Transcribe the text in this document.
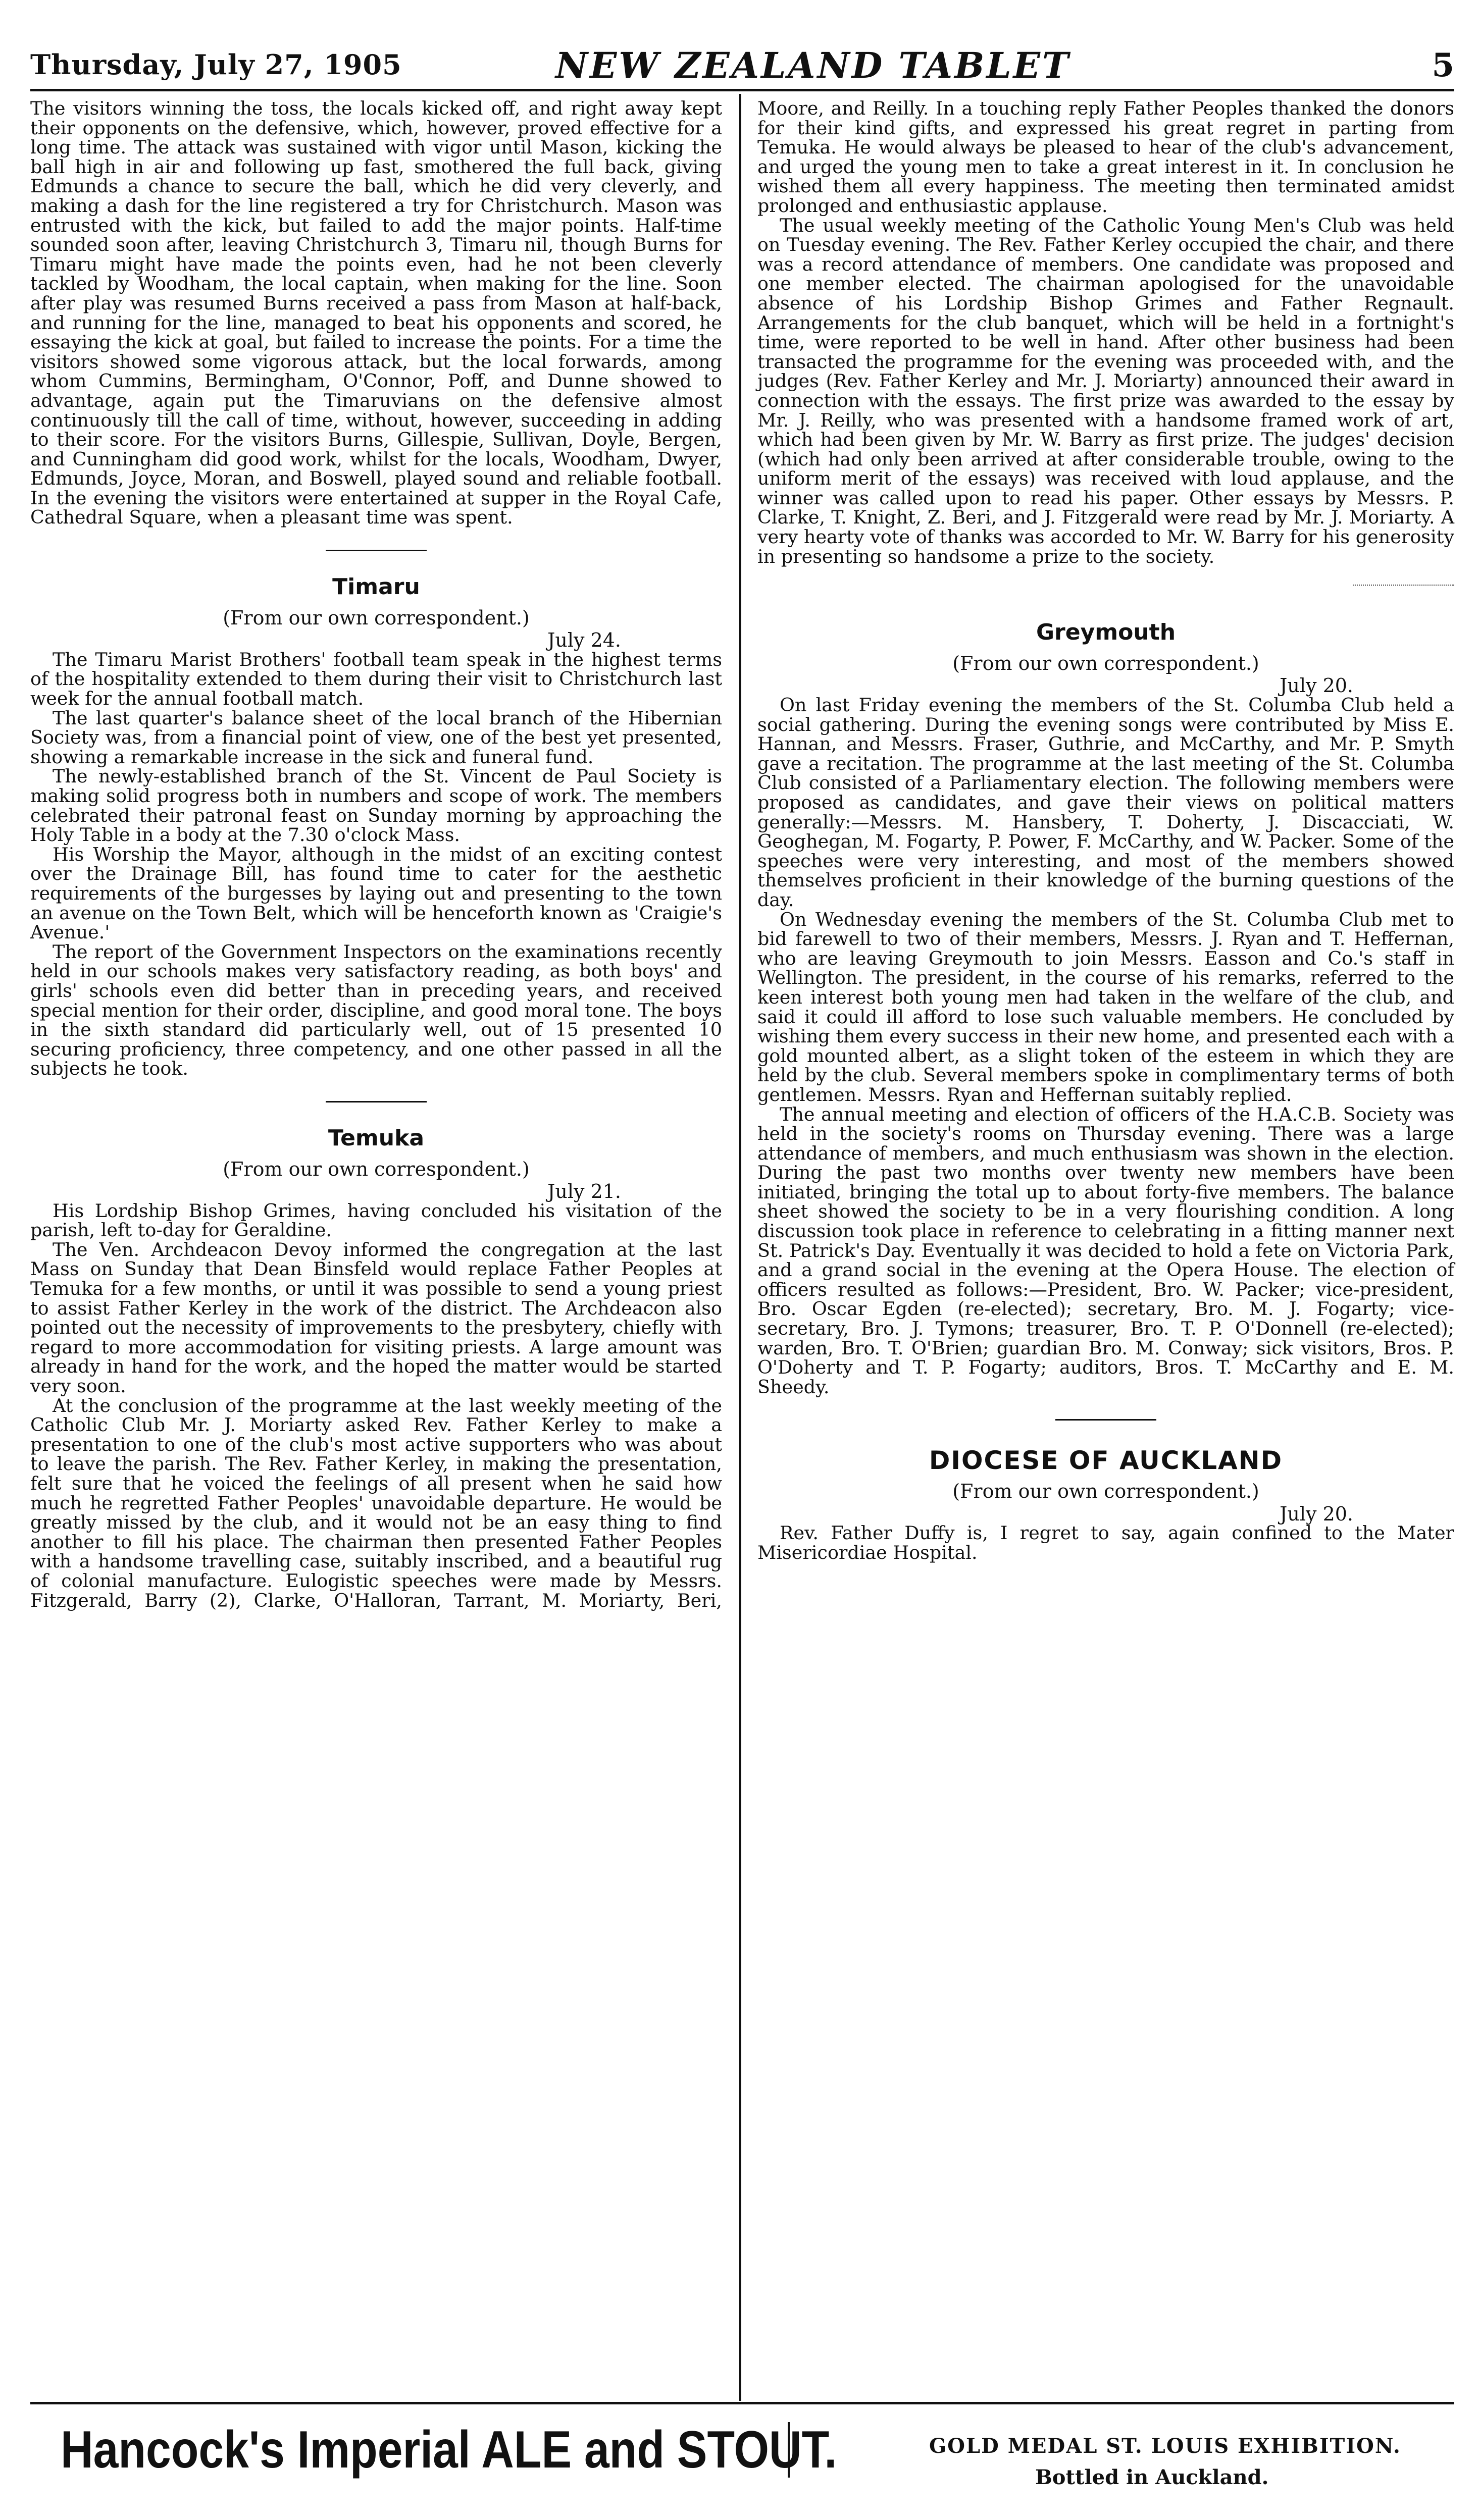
Thursday, July 27, 1905	NEW ZEALAND TABLET	5

The visitors winning the toss, the locals kicked off, and right away kept their opponents on the defensive, which, however, proved effective for a long time. The attack was sustained with vigor until Mason, kicking the ball high in air and following up fast, smothered the full back, giving Edmunds a chance to secure the ball, which he did very cleverly, and making a dash for the line registered a try for Christchurch. Mason was entrusted with the kick, but failed to add the major points. Half-time sounded soon after, leaving Christchurch 3, Timaru nil, though Burns for Timaru might have made the points even, had he not been cleverly tackled by Woodham, the local captain, when making for the line. Soon after play was resumed Burns received a pass from Mason at half-back, and running for the line, managed to beat his opponents and scored, he essaying the kick at goal, but failed to increase the points. For a time the visitors showed some vigorous attack, but the local forwards, among whom Cummins, Bermingham, O'Connor, Poff, and Dunne showed to advantage, again put the Timaruvians on the defensive almost continuously till the call of time, without, however, succeeding in adding to their score. For the visitors Burns, Gillespie, Sullivan, Doyle, Bergen, and Cunningham did good work, whilst for the locals, Woodham, Dwyer, Edmunds, Joyce, Moran, and Boswell, played sound and reliable football. In the evening the visitors were entertained at supper in the Royal Cafe, Cathedral Square, when a pleasant time was spent.

Timaru
(From our own correspondent.)
July 24.

The Timaru Marist Brothers' football team speak in the highest terms of the hospitality extended to them during their visit to Christchurch last week for the annual football match.

The last quarter's balance sheet of the local branch of the Hibernian Society was, from a financial point of view, one of the best yet presented, showing a remarkable increase in the sick and funeral fund.

The newly-established branch of the St. Vincent de Paul Society is making solid progress both in numbers and scope of work. The members celebrated their patronal feast on Sunday morning by approaching the Holy Table in a body at the 7.30 o'clock Mass.

His Worship the Mayor, although in the midst of an exciting contest over the Drainage Bill, has found time to cater for the aesthetic requirements of the burgesses by laying out and presenting to the town an avenue on the Town Belt, which will be henceforth known as 'Craigie's Avenue.'

The report of the Government Inspectors on the examinations recently held in our schools makes very satisfactory reading, as both boys' and girls' schools even did better than in preceding years, and received special mention for their order, discipline, and good moral tone. The boys in the sixth standard did particularly well, out of 15 presented 10 securing proficiency, three competency, and one other passed in all the subjects he took.

Temuka
(From our own correspondent.)
July 21.

His Lordship Bishop Grimes, having concluded his visitation of the parish, left to-day for Geraldine.

The Ven. Archdeacon Devoy informed the congregation at the last Mass on Sunday that Dean Binsfeld would replace Father Peoples at Temuka for a few months, or until it was possible to send a young priest to assist Father Kerley in the work of the district. The Archdeacon also pointed out the necessity of improvements to the presbytery, chiefly with regard to more accommodation for visiting priests. A large amount was already in hand for the work, and the hoped the matter would be started very soon.

At the conclusion of the programme at the last weekly meeting of the Catholic Club Mr. J. Moriarty asked Rev. Father Kerley to make a presentation to one of the club's most active supporters who was about to leave the parish. The Rev. Father Kerley, in making the presentation, felt sure that he voiced the feelings of all present when he said how much he regretted Father Peoples' unavoidable departure. He would be greatly missed by the club, and it would not be an easy thing to find another to fill his place. The chairman then presented Father Peoples with a handsome travelling case, suitably inscribed, and a beautiful rug of colonial manufacture. Eulogistic speeches were made by Messrs. Fitzgerald, Barry (2), Clarke, O'Halloran, Tarrant, M. Moriarty, Beri,

Moore, and Reilly. In a touching reply Father Peoples thanked the donors for their kind gifts, and expressed his great regret in parting from Temuka. He would always be pleased to hear of the club's advancement, and urged the young men to take a great interest in it. In conclusion he wished them all every happiness. The meeting then terminated amidst prolonged and enthusiastic applause.

The usual weekly meeting of the Catholic Young Men's Club was held on Tuesday evening. The Rev. Father Kerley occupied the chair, and there was a record attendance of members. One candidate was proposed and one member elected. The chairman apologised for the unavoidable absence of his Lordship Bishop Grimes and Father Regnault. Arrangements for the club banquet, which will be held in a fortnight's time, were reported to be well in hand. After other business had been transacted the programme for the evening was proceeded with, and the judges (Rev. Father Kerley and Mr. J. Moriarty) announced their award in connection with the essays. The first prize was awarded to the essay by Mr. J. Reilly, who was presented with a handsome framed work of art, which had been given by Mr. W. Barry as first prize. The judges' decision (which had only been arrived at after considerable trouble, owing to the uniform merit of the essays) was received with loud applause, and the winner was called upon to read his paper. Other essays by Messrs. P. Clarke, T. Knight, Z. Beri, and J. Fitzgerald were read by Mr. J. Moriarty. A very hearty vote of thanks was accorded to Mr. W. Barry for his generosity in presenting so handsome a prize to the society.

Greymouth
(From our own correspondent.)
July 20.

On last Friday evening the members of the St. Columba Club held a social gathering. During the evening songs were contributed by Miss E. Hannan, and Messrs. Fraser, Guthrie, and McCarthy, and Mr. P. Smyth gave a recitation. The programme at the last meeting of the St. Columba Club consisted of a Parliamentary election. The following members were proposed as candidates, and gave their views on political matters generally:—Messrs. M. Hansbery, T. Doherty, J. Discacciati, W. Geoghegan, M. Fogarty, P. Power, F. McCarthy, and W. Packer. Some of the speeches were very interesting, and most of the members showed themselves proficient in their knowledge of the burning questions of the day.

On Wednesday evening the members of the St. Columba Club met to bid farewell to two of their members, Messrs. J. Ryan and T. Heffernan, who are leaving Greymouth to join Messrs. Easson and Co.'s staff in Wellington. The president, in the course of his remarks, referred to the keen interest both young men had taken in the welfare of the club, and said it could ill afford to lose such valuable members. He concluded by wishing them every success in their new home, and presented each with a gold mounted albert, as a slight token of the esteem in which they are held by the club. Several members spoke in complimentary terms of both gentlemen. Messrs. Ryan and Heffernan suitably replied.

The annual meeting and election of officers of the H.A.C.B. Society was held in the society's rooms on Thursday evening. There was a large attendance of members, and much enthusiasm was shown in the election. During the past two months over twenty new members have been initiated, bringing the total up to about forty-five members. The balance sheet showed the society to be in a very flourishing condition. A long discussion took place in reference to celebrating in a fitting manner next St. Patrick's Day. Eventually it was decided to hold a fete on Victoria Park, and a grand social in the evening at the Opera House. The election of officers resulted as follows:—President, Bro. W. Packer; vice-president, Bro. Oscar Egden (re-elected); secretary, Bro. M. J. Fogarty; vice-secretary, Bro. J. Tymons; treasurer, Bro. T. P. O'Donnell (re-elected); warden, Bro. T. O'Brien; guardian Bro. M. Conway; sick visitors, Bros. P. O'Doherty and T. P. Fogarty; auditors, Bros. T. McCarthy and E. M. Sheedy.

DIOCESE OF AUCKLAND
(From our own correspondent.)
July 20.

Rev. Father Duffy is, I regret to say, again confined to the Mater Misericordiae Hospital.

Hancock's Imperial ALE and STOUT.	GOLD MEDAL ST. LOUIS EXHIBITION.
Bottled in Auckland.
